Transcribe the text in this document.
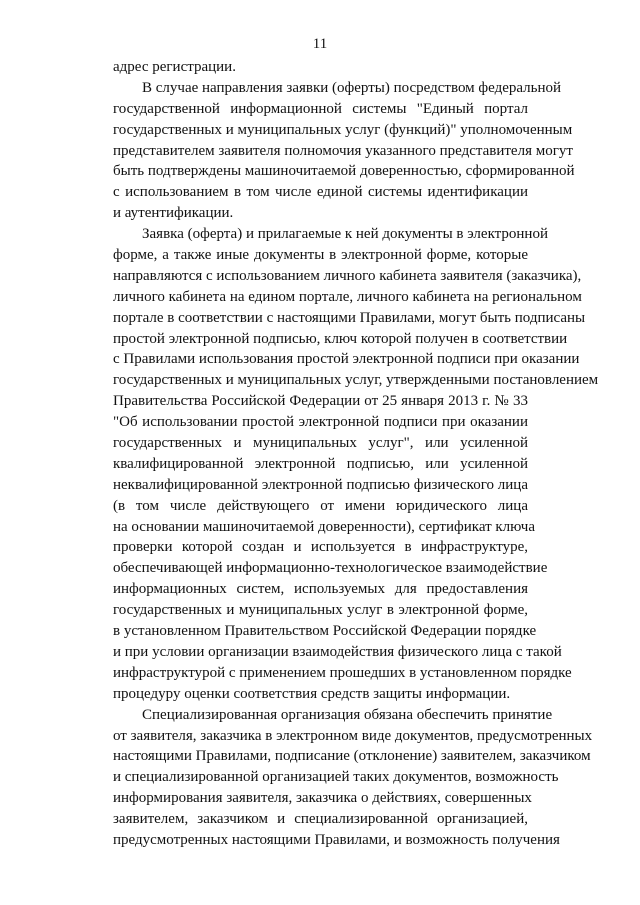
11
адрес регистрации.
В случае направления заявки (оферты) посредством федеральной
государственной информационной системы "Единый портал
государственных и муниципальных услуг (функций)" уполномоченным
представителем заявителя полномочия указанного представителя могут
быть подтверждены машиночитаемой доверенностью, сформированной
с использованием в том числе единой системы идентификации
и аутентификации.
Заявка (оферта) и прилагаемые к ней документы в электронной
форме, а также иные документы в электронной форме, которые
направляются с использованием личного кабинета заявителя (заказчика),
личного кабинета на едином портале, личного кабинета на региональном
портале в соответствии с настоящими Правилами, могут быть подписаны
простой электронной подписью, ключ которой получен в соответствии
с Правилами использования простой электронной подписи при оказании
государственных и муниципальных услуг, утвержденными постановлением
Правительства Российской Федерации от 25 января 2013 г. № 33
"Об использовании простой электронной подписи при оказании
государственных и муниципальных услуг", или усиленной
квалифицированной электронной подписью, или усиленной
неквалифицированной электронной подписью физического лица
(в том числе действующего от имени юридического лица
на основании машиночитаемой доверенности), сертификат ключа
проверки которой создан и используется в инфраструктуре,
обеспечивающей информационно-технологическое взаимодействие
информационных систем, используемых для предоставления
государственных и муниципальных услуг в электронной форме,
в установленном Правительством Российской Федерации порядке
и при условии организации взаимодействия физического лица с такой
инфраструктурой с применением прошедших в установленном порядке
процедуру оценки соответствия средств защиты информации.
Специализированная организация обязана обеспечить принятие
от заявителя, заказчика в электронном виде документов, предусмотренных
настоящими Правилами, подписание (отклонение) заявителем, заказчиком
и специализированной организацией таких документов, возможность
информирования заявителя, заказчика о действиях, совершенных
заявителем, заказчиком и специализированной организацией,
предусмотренных настоящими Правилами, и возможность получения
